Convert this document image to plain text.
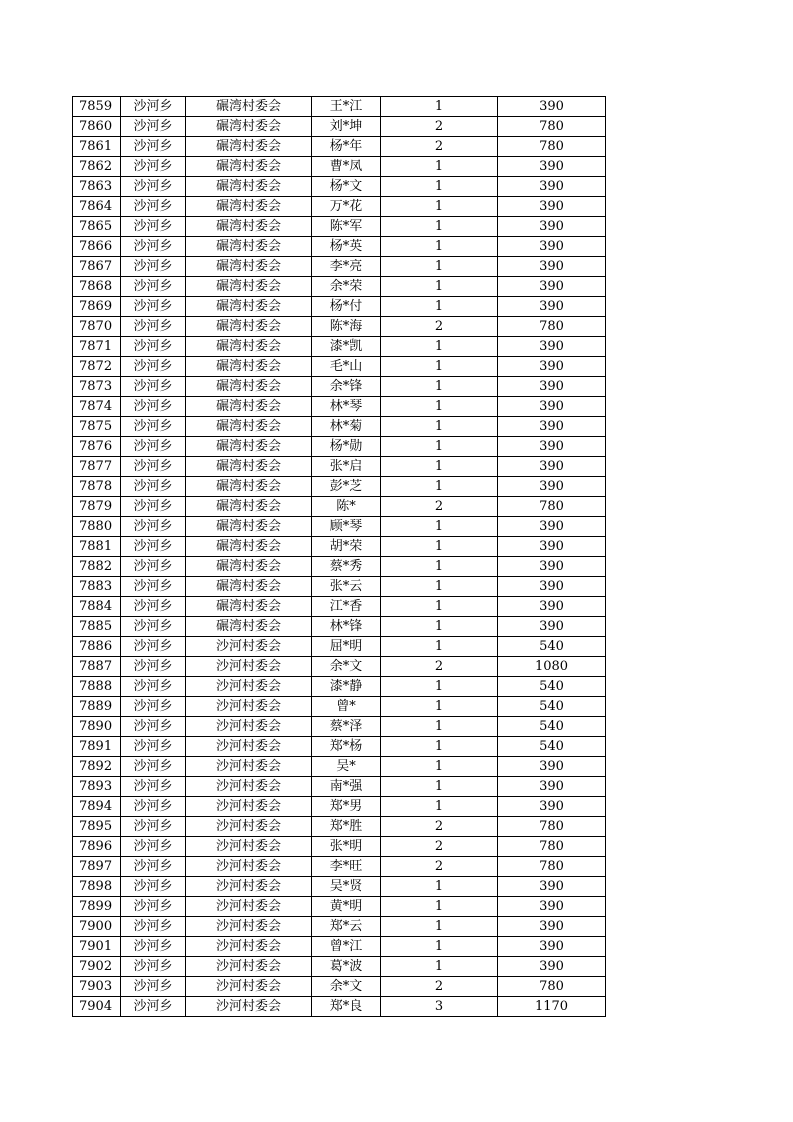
7859	沙河乡	碾湾村委会	王*江	1	390
7860	沙河乡	碾湾村委会	刘*坤	2	780
7861	沙河乡	碾湾村委会	杨*年	2	780
7862	沙河乡	碾湾村委会	曹*凤	1	390
7863	沙河乡	碾湾村委会	杨*文	1	390
7864	沙河乡	碾湾村委会	万*花	1	390
7865	沙河乡	碾湾村委会	陈*军	1	390
7866	沙河乡	碾湾村委会	杨*英	1	390
7867	沙河乡	碾湾村委会	李*亮	1	390
7868	沙河乡	碾湾村委会	余*荣	1	390
7869	沙河乡	碾湾村委会	杨*付	1	390
7870	沙河乡	碾湾村委会	陈*海	2	780
7871	沙河乡	碾湾村委会	漆*凯	1	390
7872	沙河乡	碾湾村委会	毛*山	1	390
7873	沙河乡	碾湾村委会	余*锋	1	390
7874	沙河乡	碾湾村委会	林*琴	1	390
7875	沙河乡	碾湾村委会	林*菊	1	390
7876	沙河乡	碾湾村委会	杨*勋	1	390
7877	沙河乡	碾湾村委会	张*启	1	390
7878	沙河乡	碾湾村委会	彭*芝	1	390
7879	沙河乡	碾湾村委会	陈*	2	780
7880	沙河乡	碾湾村委会	顾*琴	1	390
7881	沙河乡	碾湾村委会	胡*荣	1	390
7882	沙河乡	碾湾村委会	蔡*秀	1	390
7883	沙河乡	碾湾村委会	张*云	1	390
7884	沙河乡	碾湾村委会	江*香	1	390
7885	沙河乡	碾湾村委会	林*锋	1	390
7886	沙河乡	沙河村委会	屈*明	1	540
7887	沙河乡	沙河村委会	余*文	2	1080
7888	沙河乡	沙河村委会	漆*静	1	540
7889	沙河乡	沙河村委会	曾*	1	540
7890	沙河乡	沙河村委会	蔡*泽	1	540
7891	沙河乡	沙河村委会	郑*杨	1	540
7892	沙河乡	沙河村委会	吴*	1	390
7893	沙河乡	沙河村委会	南*强	1	390
7894	沙河乡	沙河村委会	郑*男	1	390
7895	沙河乡	沙河村委会	郑*胜	2	780
7896	沙河乡	沙河村委会	张*明	2	780
7897	沙河乡	沙河村委会	李*旺	2	780
7898	沙河乡	沙河村委会	吴*贤	1	390
7899	沙河乡	沙河村委会	黄*明	1	390
7900	沙河乡	沙河村委会	郑*云	1	390
7901	沙河乡	沙河村委会	曾*江	1	390
7902	沙河乡	沙河村委会	葛*波	1	390
7903	沙河乡	沙河村委会	余*文	2	780
7904	沙河乡	沙河村委会	郑*良	3	1170
